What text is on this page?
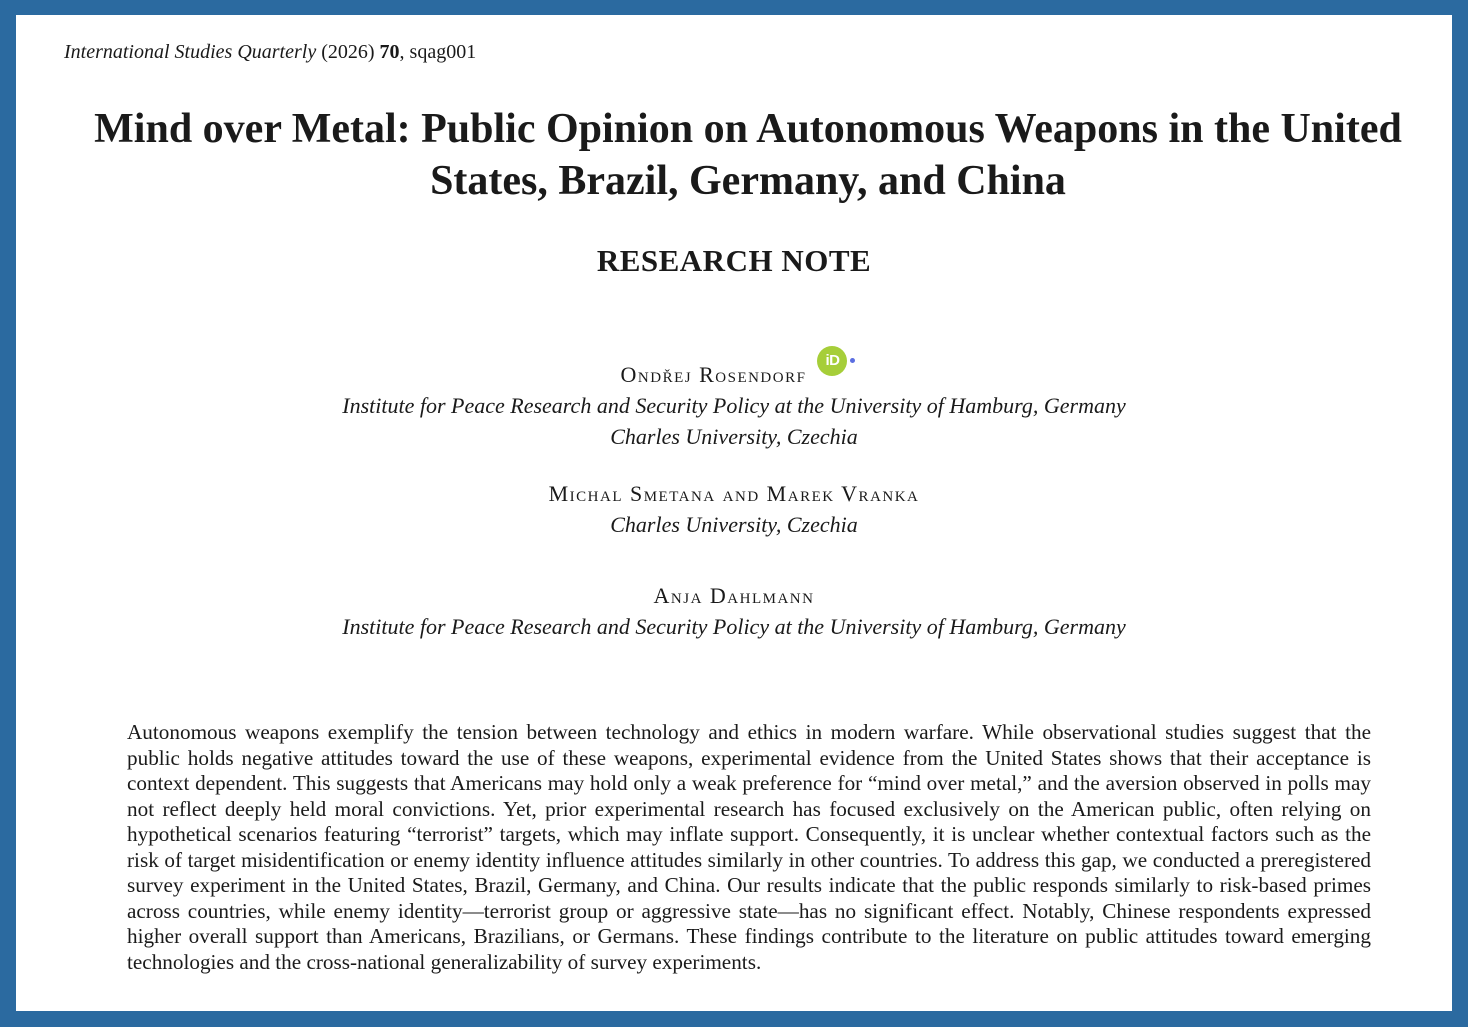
International Studies Quarterly (2026) 70, sqag001
Mind over Metal: Public Opinion on Autonomous Weapons in the United States, Brazil, Germany, and China
RESEARCH NOTE
Ondřej Rosendorf
iD
Institute for Peace Research and Security Policy at the University of Hamburg, Germany
Charles University, Czechia
Michal Smetana and Marek Vranka
Charles University, Czechia
Anja Dahlmann
Institute for Peace Research and Security Policy at the University of Hamburg, Germany

Autonomous weapons exemplify the tension between technology and ethics in modern warfare. While observational studies suggest that the public holds negative attitudes toward the use of these weapons, experimental evidence from the United States shows that their acceptance is context dependent. This suggests that Americans may hold only a weak preference for “mind over metal,” and the aversion observed in polls may not reflect deeply held moral convictions. Yet, prior experimental research has focused exclusively on the American public, often relying on hypothetical scenarios featuring “terrorist” targets, which may inflate support. Consequently, it is unclear whether contextual factors such as the risk of target misidentification or enemy identity influence attitudes similarly in other countries. To address this gap, we conducted a preregistered survey experiment in the United States, Brazil, Germany, and China. Our results indicate that the public responds similarly to risk-based primes across countries, while enemy identity—terrorist group or aggressive state—has no significant effect. Notably, Chinese respondents expressed higher overall support than Americans, Brazilians, or Germans. These findings contribute to the literature on public attitudes toward emerging technologies and the cross-national generalizability of survey experiments.
